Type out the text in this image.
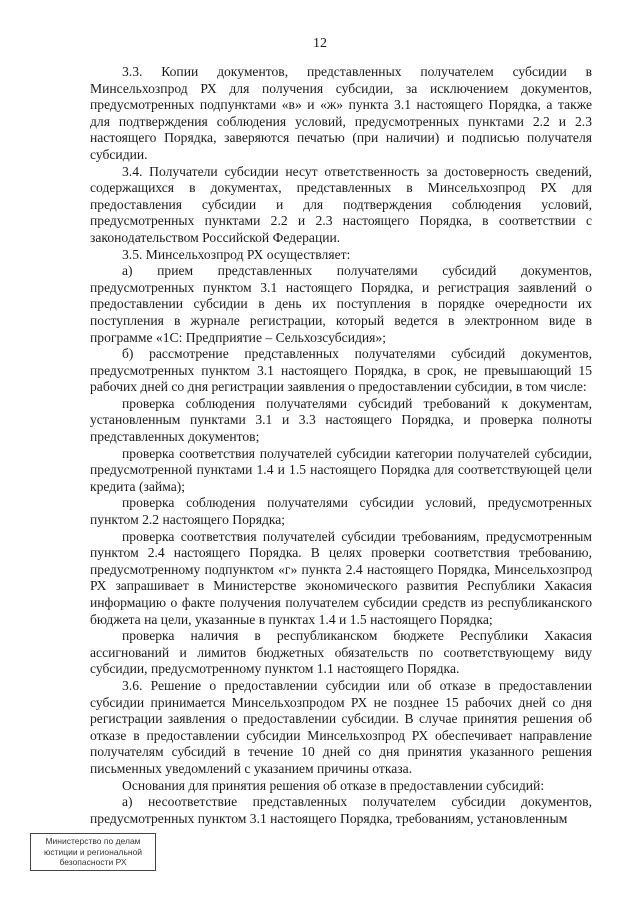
12

3.3. Копии документов, представленных получателем субсидии в Минсельхозпрод РХ для получения субсидии, за исключением документов, предусмотренных подпунктами «в» и «ж» пункта 3.1 настоящего Порядка, а также для подтверждения соблюдения условий, предусмотренных пунктами 2.2 и 2.3 настоящего Порядка, заверяются печатью (при наличии) и подписью получателя субсидии.

3.4. Получатели субсидии несут ответственность за достоверность сведений, содержащихся в документах, представленных в Минсельхозпрод РХ для предоставления субсидии и для подтверждения соблюдения условий, предусмотренных пунктами 2.2 и 2.3 настоящего Порядка, в соответствии с законодательством Российской Федерации.

3.5. Минсельхозпрод РХ осуществляет:

а) прием представленных получателями субсидий документов, предусмотренных пунктом 3.1 настоящего Порядка, и регистрация заявлений о предоставлении субсидии в день их поступления в порядке очередности их поступления в журнале регистрации, который ведется в электронном виде в программе «1С: Предприятие – Сельхозсубсидия»;

б) рассмотрение представленных получателями субсидий документов, предусмотренных пунктом 3.1 настоящего Порядка, в срок, не превышающий 15 рабочих дней со дня регистрации заявления о предоставлении субсидии, в том числе:

проверка соблюдения получателями субсидий требований к документам, установленным пунктами 3.1 и 3.3 настоящего Порядка, и проверка полноты представленных документов;

проверка соответствия получателей субсидии категории получателей субсидии, предусмотренной пунктами 1.4 и 1.5 настоящего Порядка для соответствующей цели кредита (займа);

проверка соблюдения получателями субсидии условий, предусмотренных пунктом 2.2 настоящего Порядка;

проверка соответствия получателей субсидии требованиям, предусмотренным пунктом 2.4 настоящего Порядка. В целях проверки соответствия требованию, предусмотренному подпунктом «г» пункта 2.4 настоящего Порядка, Минсельхозпрод РХ запрашивает в Министерстве экономического развития Республики Хакасия информацию о факте получения получателем субсидии средств из республиканского бюджета на цели, указанные в пунктах 1.4 и 1.5 настоящего Порядка;

проверка наличия в республиканском бюджете Республики Хакасия ассигнований и лимитов бюджетных обязательств по соответствующему виду субсидии, предусмотренному пунктом 1.1 настоящего Порядка.

3.6. Решение о предоставлении субсидии или об отказе в предоставлении субсидии принимается Минсельхозпродом РХ не позднее 15 рабочих дней со дня регистрации заявления о предоставлении субсидии. В случае принятия решения об отказе в предоставлении субсидии Минсельхозпрод РХ обеспечивает направление получателям субсидий в течение 10 дней со дня принятия указанного решения письменных уведомлений с указанием причины отказа.

Основания для принятия решения об отказе в предоставлении субсидий:

а) несоответствие представленных получателем субсидии документов, предусмотренных пунктом 3.1 настоящего Порядка, требованиям, установленным

Министерство по делам
юстиции и региональной
безопасности РХ
